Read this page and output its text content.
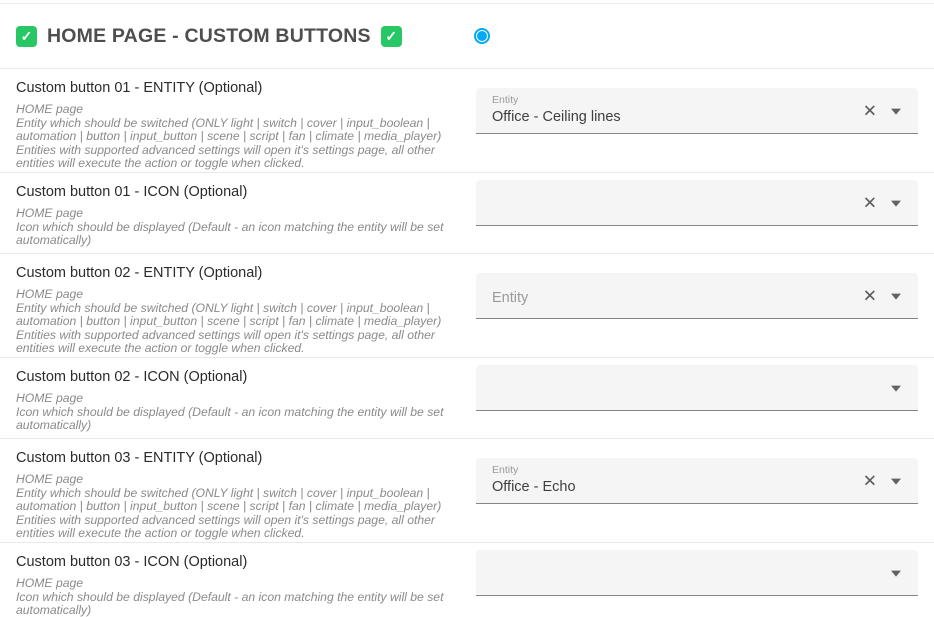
✓ HOME PAGE - CUSTOM BUTTONS ✓
Custom button 01 - ENTITY (Optional)
HOME page
Entity which should be switched (ONLY light | switch | cover | input_boolean | automation | button | input_button | scene | script | fan | climate | media_player)
Entities with supported advanced settings will open it's settings page, all other entities will execute the action or toggle when clicked.
Entity
Office - Ceiling lines	✕
Custom button 01 - ICON (Optional)
HOME page
Icon which should be displayed (Default - an icon matching the entity will be set automatically)
✕
Custom button 02 - ENTITY (Optional)
HOME page
Entity which should be switched (ONLY light | switch | cover | input_boolean | automation | button | input_button | scene | script | fan | climate | media_player)
Entities with supported advanced settings will open it's settings page, all other entities will execute the action or toggle when clicked.
Entity	✕
Custom button 02 - ICON (Optional)
HOME page
Icon which should be displayed (Default - an icon matching the entity will be set automatically)
Custom button 03 - ENTITY (Optional)
HOME page
Entity which should be switched (ONLY light | switch | cover | input_boolean | automation | button | input_button | scene | script | fan | climate | media_player)
Entities with supported advanced settings will open it's settings page, all other entities will execute the action or toggle when clicked.
Entity
Office - Echo	✕
Custom button 03 - ICON (Optional)
HOME page
Icon which should be displayed (Default - an icon matching the entity will be set automatically)
